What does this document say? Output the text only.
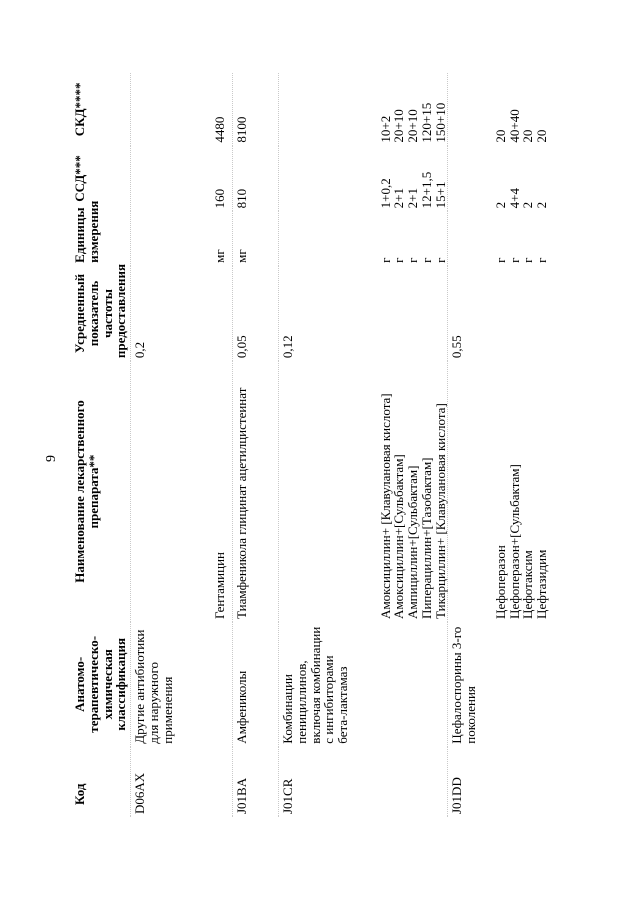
9
Код	Анатомо-терапевтическо-химическая классификация	Наименование лекарственного препарата**	Усредненный показатель частоты предоставления	Единицы измерения	ССД***	СКД****
D06AX	Другие антибиотики для наружного применения		0,2			
		Гентамицин		мг	160	4480
J01BA	Амфениколы	Тиамфеникола глицинат ацетилцистеинат	0,05	мг	810	8100
J01CR	Комбинации пенициллинов, включая комбинации с ингибиторами бета-лактамаз		0,12			
		Амоксициллин+ [Клавулановая кислота]		г	1+0,2	10+2
		Амоксициллин+[Сульбактам]		г	2+1	20+10
		Ампициллин+[Сульбактам]		г	2+1	20+10
		Пиперациллин+[Тазобактам]		г	12+1,5	120+15
		Тикарциллин+ [Клавулановая кислота]		г	15+1	150+10
J01DD	Цефалоспорины 3-го поколения		0,55			
		Цефоперазон		г	2	20
		Цефоперазон+[Сульбактам]		г	4+4	40+40
		Цефотаксим		г	2	20
		Цефтазидим		г	2	20
